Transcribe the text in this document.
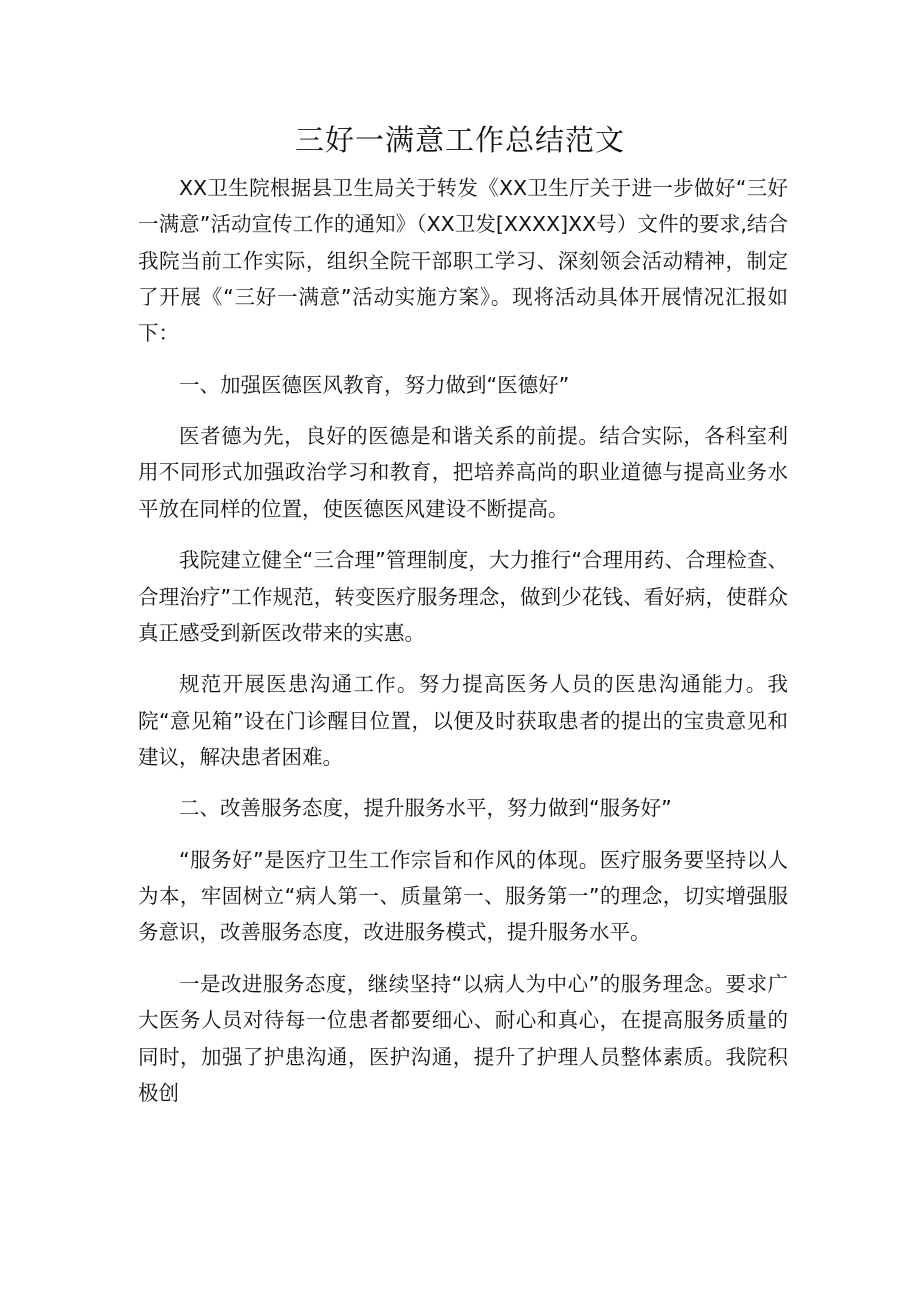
三好一满意工作总结范文

XX卫生院根据县卫生局关于转发《XX卫生厅关于进一步做好“三好一满意”活动宣传工作的通知》（XX卫发[XXXX]XX号）文件的要求,结合我院当前工作实际，组织全院干部职工学习、深刻领会活动精神，制定了开展《“三好一满意”活动实施方案》。现将活动具体开展情况汇报如下：

一、加强医德医风教育，努力做到“医德好”

医者德为先，良好的医德是和谐关系的前提。结合实际，各科室利用不同形式加强政治学习和教育，把培养高尚的职业道德与提高业务水平放在同样的位置，使医德医风建设不断提高。

我院建立健全“三合理”管理制度，大力推行“合理用药、合理检查、合理治疗”工作规范，转变医疗服务理念，做到少花钱、看好病，使群众真正感受到新医改带来的实惠。

规范开展医患沟通工作。努力提高医务人员的医患沟通能力。我院“意见箱”设在门诊醒目位置，以便及时获取患者的提出的宝贵意见和建议，解决患者困难。

二、改善服务态度，提升服务水平，努力做到“服务好”

“服务好”是医疗卫生工作宗旨和作风的体现。医疗服务要坚持以人为本，牢固树立“病人第一、质量第一、服务第一”的理念，切实增强服务意识，改善服务态度，改进服务模式，提升服务水平。

一是改进服务态度，继续坚持“以病人为中心”的服务理念。要求广大医务人员对待每一位患者都要细心、耐心和真心，在提高服务质量的同时，加强了护患沟通，医护沟通，提升了护理人员整体素质。我院积极创
